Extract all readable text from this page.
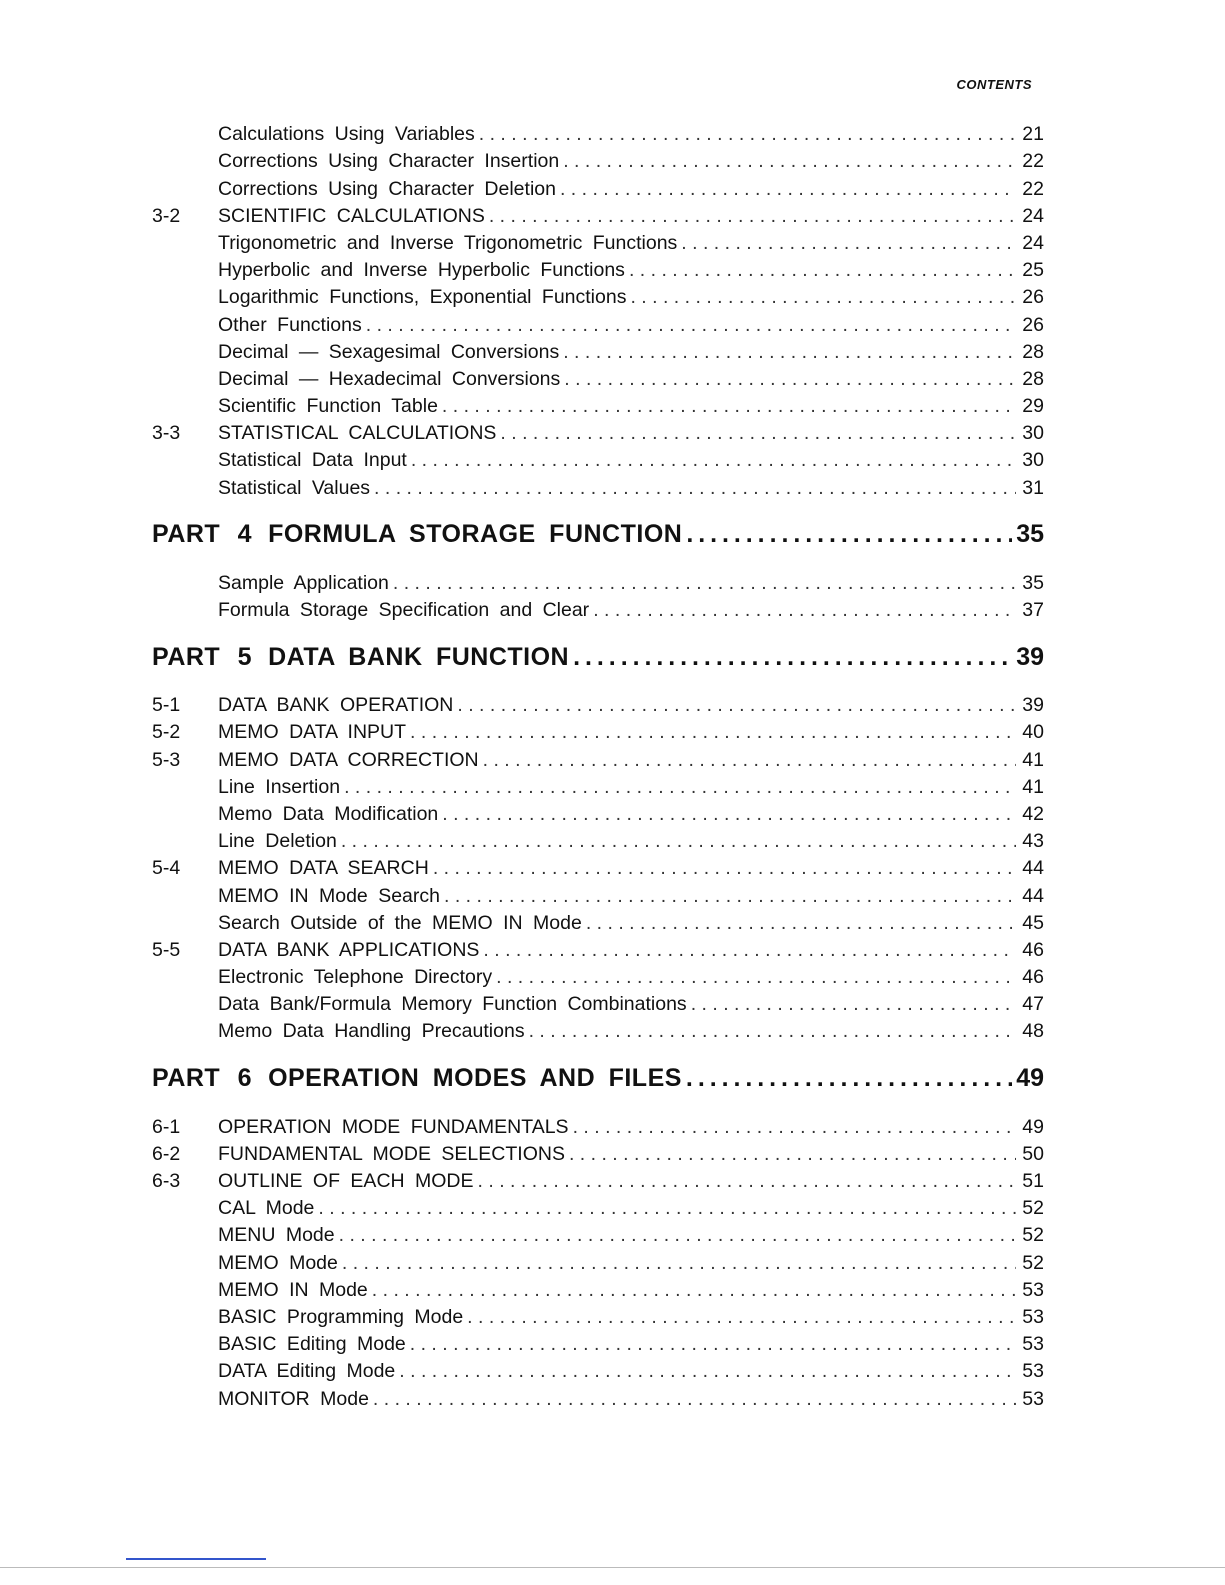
CONTENTS
Calculations Using Variables . . .	21
Corrections Using Character Insertion . . .	22
Corrections Using Character Deletion . . .	22
3-2	SCIENTIFIC CALCULATIONS . . .	24
Trigonometric and Inverse Trigonometric Functions . . .	24
Hyperbolic and Inverse Hyperbolic Functions . . .	25
Logarithmic Functions, Exponential Functions . . .	26
Other Functions . . .	26
Decimal — Sexagesimal Conversions . . .	28
Decimal — Hexadecimal Conversions . . .	28
Scientific Function Table . . .	29
3-3	STATISTICAL CALCULATIONS . . .	30
Statistical Data Input . . .	30
Statistical Values . . .	31
PART 4 FORMULA STORAGE FUNCTION . . .	35
Sample Application . . .	35
Formula Storage Specification and Clear . . .	37
PART 5 DATA BANK FUNCTION . . .	39
5-1	DATA BANK OPERATION . . .	39
5-2	MEMO DATA INPUT . . .	40
5-3	MEMO DATA CORRECTION . . .	41
Line Insertion . . .	41
Memo Data Modification . . .	42
Line Deletion . . .	43
5-4	MEMO DATA SEARCH . . .	44
MEMO IN Mode Search . . .	44
Search Outside of the MEMO IN Mode . . .	45
5-5	DATA BANK APPLICATIONS . . .	46
Electronic Telephone Directory . . .	46
Data Bank/Formula Memory Function Combinations . . .	47
Memo Data Handling Precautions . . .	48
PART 6 OPERATION MODES AND FILES . . .	49
6-1	OPERATION MODE FUNDAMENTALS . . .	49
6-2	FUNDAMENTAL MODE SELECTIONS . . .	50
6-3	OUTLINE OF EACH MODE . . .	51
CAL Mode . . .	52
MENU Mode . . .	52
MEMO Mode . . .	52
MEMO IN Mode . . .	53
BASIC Programming Mode . . .	53
BASIC Editing Mode . . .	53
DATA Editing Mode . . .	53
MONITOR Mode . . .	53
